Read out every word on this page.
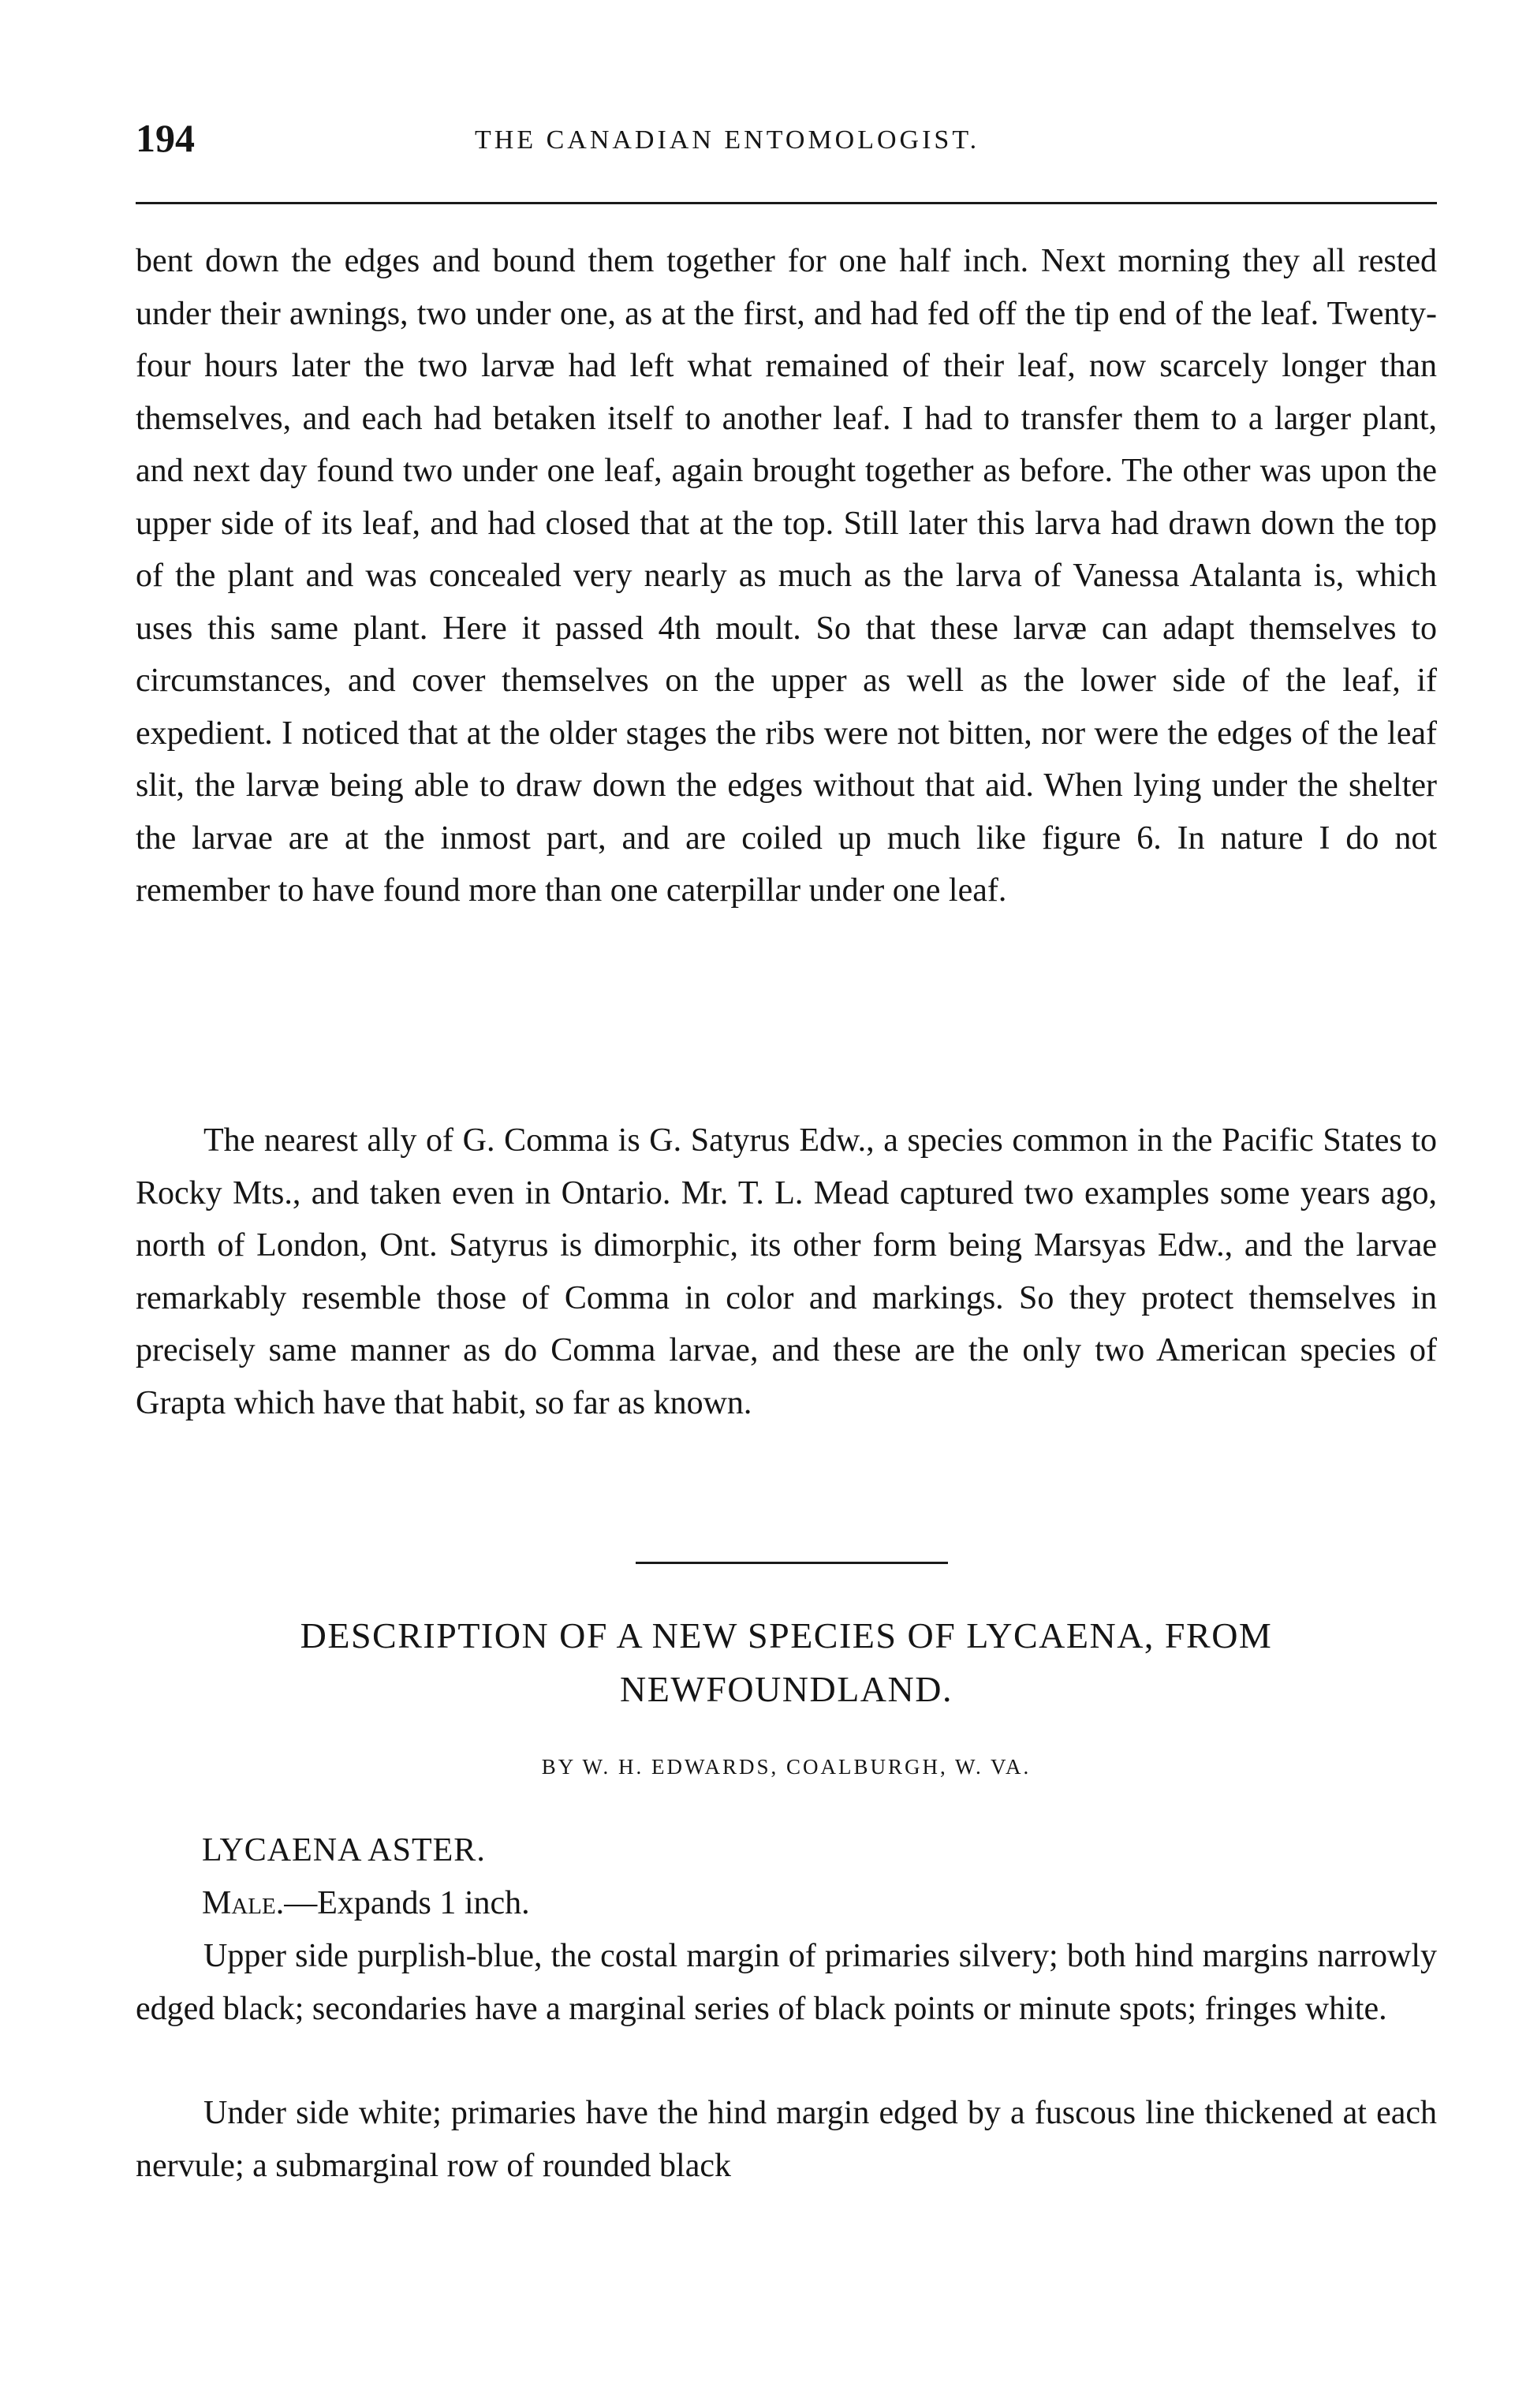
194	THE CANADIAN ENTOMOLOGIST.

bent down the edges and bound them together for one half inch. Next morning they all rested under their awnings, two under one, as at the first, and had fed off the tip end of the leaf. Twenty-four hours later the two larvæ had left what remained of their leaf, now scarcely longer than themselves, and each had betaken itself to another leaf. I had to transfer them to a larger plant, and next day found two under one leaf, again brought together as before. The other was upon the upper side of its leaf, and had closed that at the top. Still later this larva had drawn down the top of the plant and was concealed very nearly as much as the larva of Vanessa Atalanta is, which uses this same plant. Here it passed 4th moult. So that these larvæ can adapt themselves to circumstances, and cover themselves on the upper as well as the lower side of the leaf, if expedient. I noticed that at the older stages the ribs were not bitten, nor were the edges of the leaf slit, the larvæ being able to draw down the edges without that aid. When lying under the shelter the larvae are at the inmost part, and are coiled up much like figure 6. In nature I do not remember to have found more than one caterpillar under one leaf.

The nearest ally of G. Comma is G. Satyrus Edw., a species common in the Pacific States to Rocky Mts., and taken even in Ontario. Mr. T. L. Mead captured two examples some years ago, north of London, Ont. Satyrus is dimorphic, its other form being Marsyas Edw., and the larvae remarkably resemble those of Comma in color and markings. So they protect themselves in precisely same manner as do Comma larvae, and these are the only two American species of Grapta which have that habit, so far as known.

DESCRIPTION OF A NEW SPECIES OF LYCAENA, FROM NEWFOUNDLAND.
BY W. H. EDWARDS, COALBURGH, W. VA.
LYCAENA ASTER.
Male.—Expands 1 inch.

Upper side purplish-blue, the costal margin of primaries silvery; both hind margins narrowly edged black; secondaries have a marginal series of black points or minute spots; fringes white.

Under side white; primaries have the hind margin edged by a fuscous line thickened at each nervule; a submarginal row of rounded black
